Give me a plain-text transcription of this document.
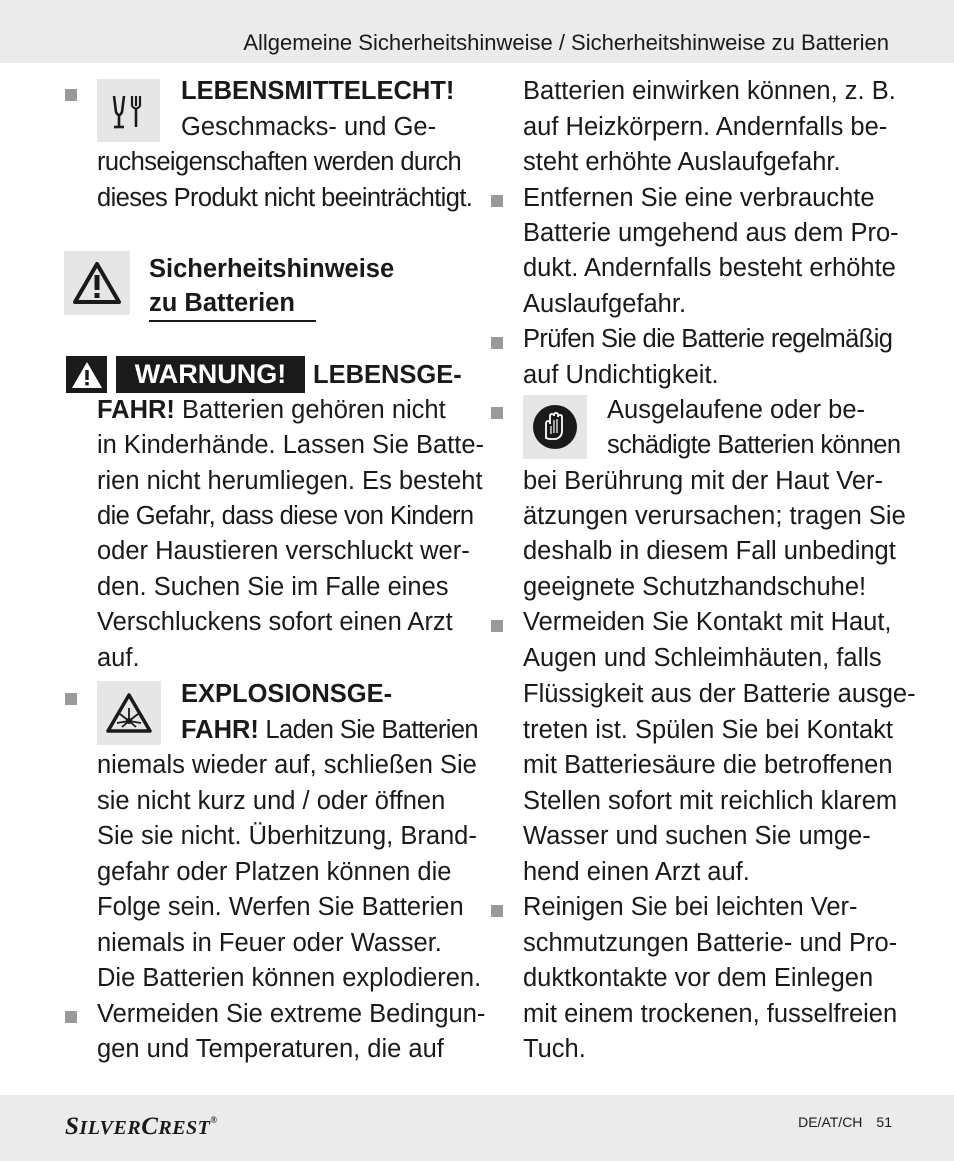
Allgemeine Sicherheitshinweise / Sicherheitshinweise zu Batterien
LEBENSMITTELECHT!
Geschmacks- und Ge-
ruchseigenschaften werden durch
dieses Produkt nicht beeinträchtigt.
Sicherheitshinweise
zu Batterien
WARNUNG!	LEBENSGE-
FAHR! Batterien gehören nicht
in Kinderhände. Lassen Sie Batte-
rien nicht herumliegen. Es besteht
die Gefahr, dass diese von Kindern
oder Haustieren verschluckt wer-
den. Suchen Sie im Falle eines
Verschluckens sofort einen Arzt
auf.
EXPLOSIONSGE-
FAHR! Laden Sie Batterien
niemals wieder auf, schließen Sie
sie nicht kurz und / oder öffnen
Sie sie nicht. Überhitzung, Brand-
gefahr oder Platzen können die
Folge sein. Werfen Sie Batterien
niemals in Feuer oder Wasser.
Die Batterien können explodieren.
Vermeiden Sie extreme Bedingun-
gen und Temperaturen, die auf
Batterien einwirken können, z. B.
auf Heizkörpern. Andernfalls be-
steht erhöhte Auslaufgefahr.
Entfernen Sie eine verbrauchte
Batterie umgehend aus dem Pro-
dukt. Andernfalls besteht erhöhte
Auslaufgefahr.
Prüfen Sie die Batterie regelmäßig
auf Undichtigkeit.
Ausgelaufene oder be-
schädigte Batterien können
bei Berührung mit der Haut Ver-
ätzungen verursachen; tragen Sie
deshalb in diesem Fall unbedingt
geeignete Schutzhandschuhe!
Vermeiden Sie Kontakt mit Haut,
Augen und Schleimhäuten, falls
Flüssigkeit aus der Batterie ausge-
treten ist. Spülen Sie bei Kontakt
mit Batteriesäure die betroffenen
Stellen sofort mit reichlich klarem
Wasser und suchen Sie umge-
hend einen Arzt auf.
Reinigen Sie bei leichten Ver-
schmutzungen Batterie- und Pro-
duktkontakte vor dem Einlegen
mit einem trockenen, fusselfreien
Tuch.
SILVERCREST®	DE/AT/CH 51
